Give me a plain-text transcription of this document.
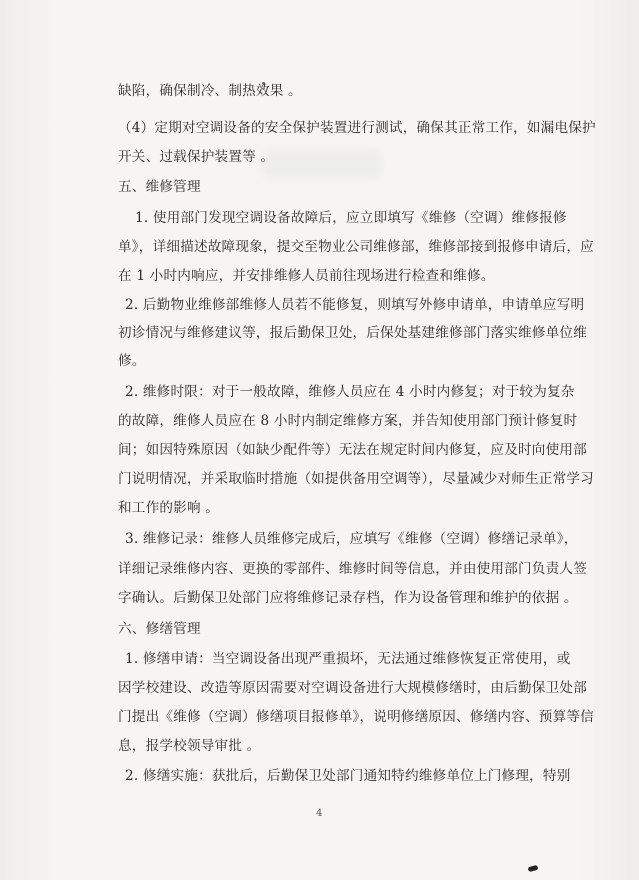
缺陷，确保制冷、制热效果 。
（4）定期对空调设备的安全保护装置进行测试，确保其正常工作，如漏电保护
开关、过载保护装置等 。
五、维修管理
1. 使用部门发现空调设备故障后，应立即填写《维修（空调）维修报修
单》，详细描述故障现象，提交至物业公司维修部，维修部接到报修申请后，应
在 1 小时内响应，并安排维修人员前往现场进行检查和维修。
2. 后勤物业维修部维修人员若不能修复，则填写外修申请单，申请单应写明
初诊情况与维修建议等，报后勤保卫处，后保处基建维修部门落实维修单位维
修。
2. 维修时限：对于一般故障，维修人员应在 4 小时内修复；对于较为复杂
的故障，维修人员应在 8 小时内制定维修方案，并告知使用部门预计修复时
间；如因特殊原因（如缺少配件等）无法在规定时间内修复，应及时向使用部
门说明情况，并采取临时措施（如提供备用空调等），尽量减少对师生正常学习
和工作的影响 。
3. 维修记录：维修人员维修完成后，应填写《维修（空调）修缮记录单》，
详细记录维修内容、更换的零部件、维修时间等信息，并由使用部门负责人签
字确认。后勤保卫处部门应将维修记录存档，作为设备管理和维护的依据 。
六、修缮管理
1. 修缮申请：当空调设备出现严重损坏，无法通过维修恢复正常使用，或
因学校建设、改造等原因需要对空调设备进行大规模修缮时，由后勤保卫处部
门提出《维修（空调）修缮项目报修单》，说明修缮原因、修缮内容、预算等信
息，报学校领导审批 。
2. 修缮实施：获批后，后勤保卫处部门通知特约维修单位上门修理，特别
4
